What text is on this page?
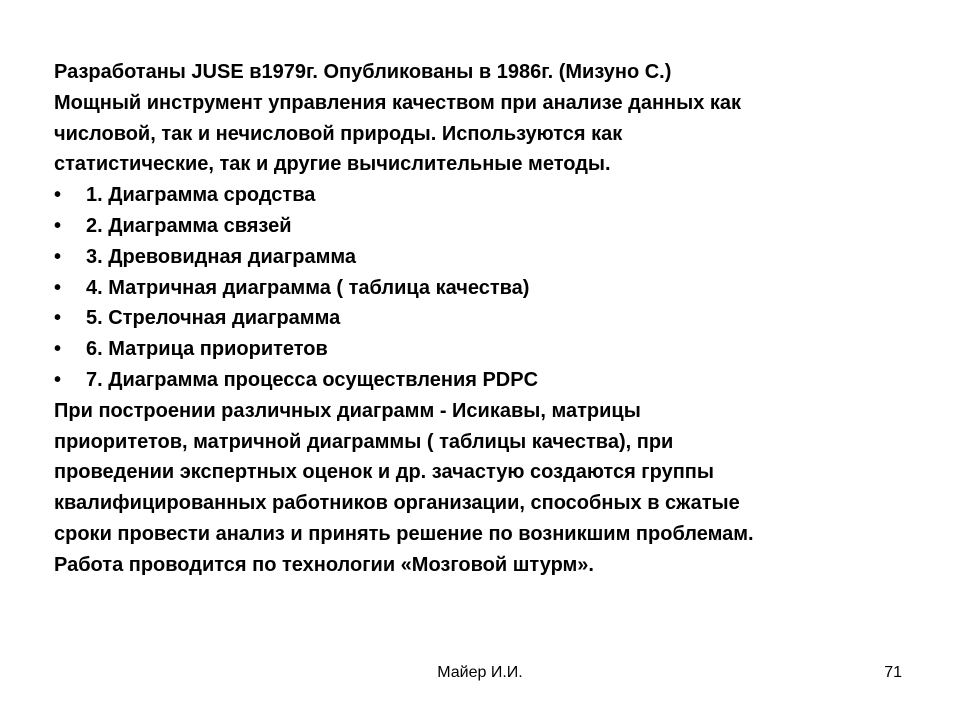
Разработаны JUSE в1979г. Опубликованы в 1986г. (Мизуно С.)
Мощный инструмент управления качеством при анализе данных как
числовой, так и нечисловой природы. Используются как
статистические, так и другие вычислительные методы.
• 1. Диаграмма сродства
• 2. Диаграмма связей
• 3. Древовидная диаграмма
• 4. Матричная диаграмма ( таблица качества)
• 5. Стрелочная диаграмма
• 6. Матрица приоритетов
• 7. Диаграмма процесса осуществления PDPC
При построении различных диаграмм - Исикавы, матрицы
приоритетов, матричной диаграммы ( таблицы качества), при
проведении экспертных оценок и др. зачастую создаются группы
квалифицированных работников организации, способных в сжатые
сроки провести анализ и принять решение по возникшим проблемам.
Работа проводится по технологии «Мозговой штурм».
Майер И.И.	71
